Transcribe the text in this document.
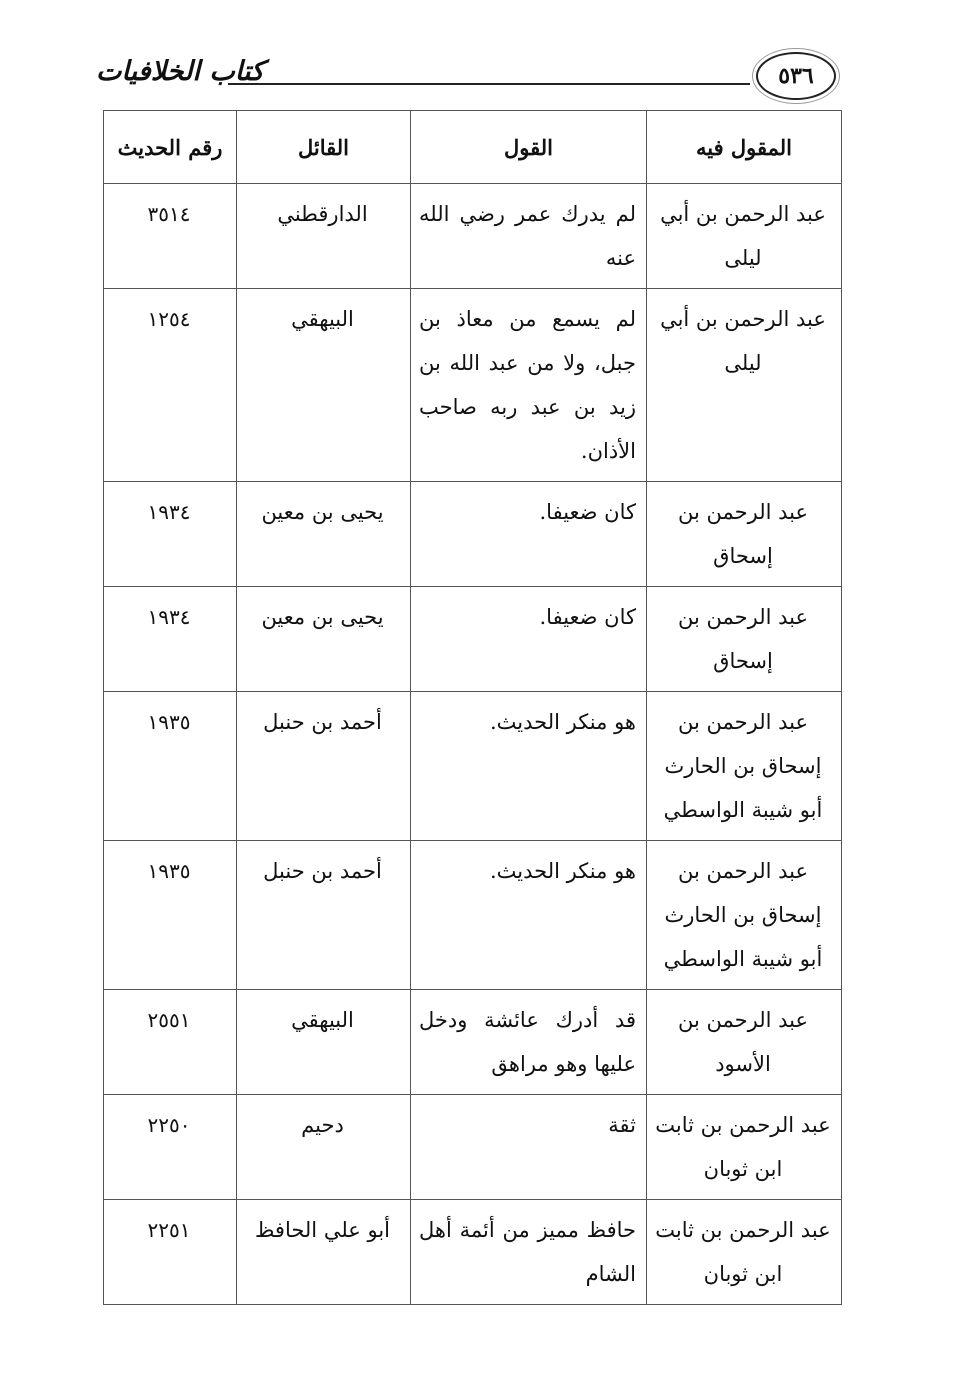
كتاب الخلافيات	٥٣٦
المقول فيه	القول	القائل	رقم الحديث
عبد الرحمن بن أبي ليلى	لم يدرك عمر رضي الله عنه	الدارقطني	٣٥١٤
عبد الرحمن بن أبي ليلى	لم يسمع من معاذ بن جبل، ولا من عبد الله بن زيد بن عبد ربه صاحب الأذان.	البيهقي	١٢٥٤
عبد الرحمن بن إسحاق	كان ضعيفا.	يحيى بن معين	١٩٣٤
عبد الرحمن بن إسحاق	كان ضعيفا.	يحيى بن معين	١٩٣٤
عبد الرحمن بن إسحاق بن الحارث أبو شيبة الواسطي	هو منكر الحديث.	أحمد بن حنبل	١٩٣٥
عبد الرحمن بن إسحاق بن الحارث أبو شيبة الواسطي	هو منكر الحديث.	أحمد بن حنبل	١٩٣٥
عبد الرحمن بن الأسود	قد أدرك عائشة ودخل عليها وهو مراهق	البيهقي	٢٥٥١
عبد الرحمن بن ثابت ابن ثوبان	ثقة	دحيم	٢٢٥٠
عبد الرحمن بن ثابت ابن ثوبان	حافظ مميز من أئمة أهل الشام	أبو علي الحافظ	٢٢٥١
